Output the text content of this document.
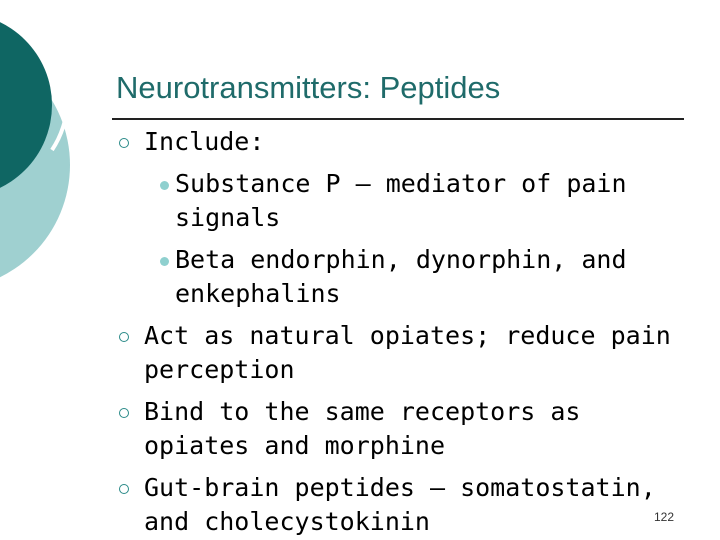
Neurotransmitters: Peptides
Include:
Substance P – mediator of pain
signals
Beta endorphin, dynorphin, and
enkephalins
Act as natural opiates; reduce pain
perception
Bind to the same receptors as
opiates and morphine
Gut-brain peptides – somatostatin,
and cholecystokinin	122
